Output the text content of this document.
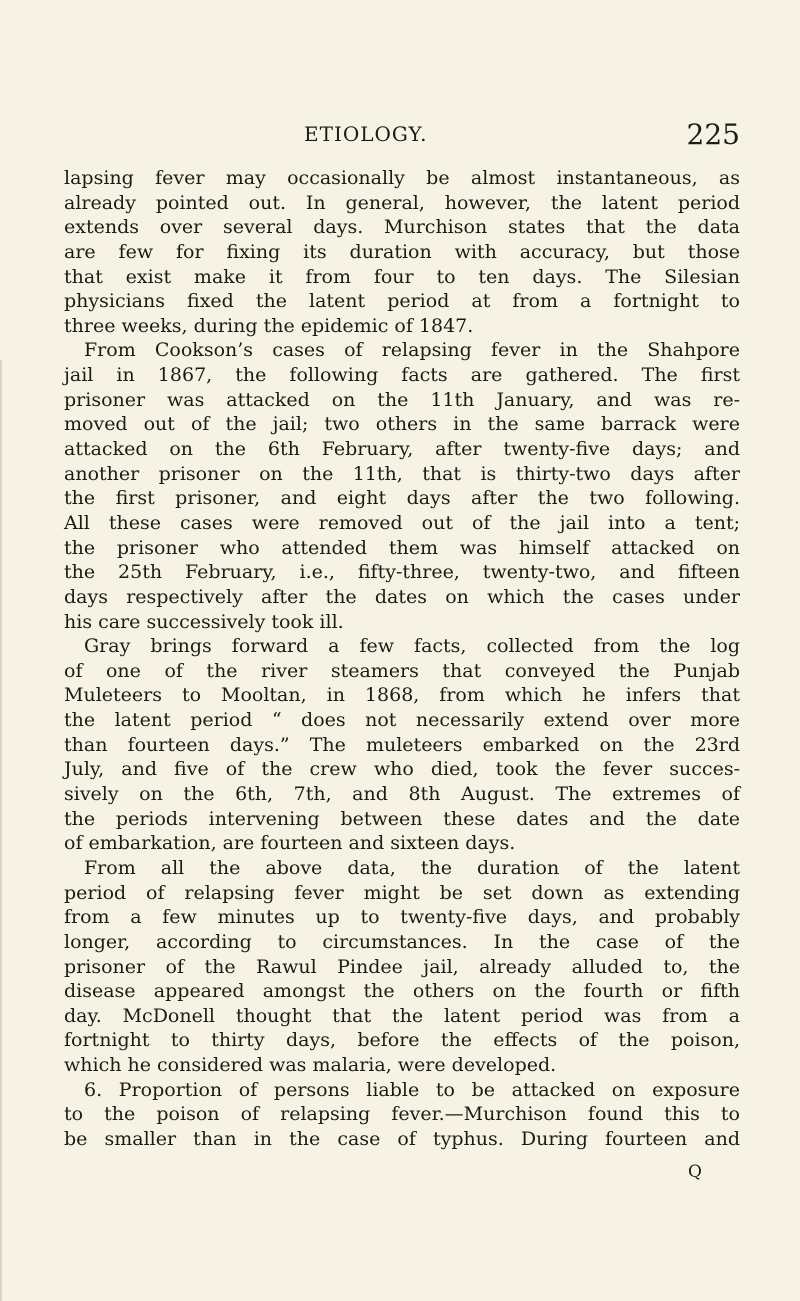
ETIOLOGY.	225
lapsing fever may occasionally be almost instantaneous, as
already pointed out. In general, however, the latent period
extends over several days. Murchison states that the data
are few for fixing its duration with accuracy, but those
that exist make it from four to ten days. The Silesian
physicians fixed the latent period at from a fortnight to
three weeks, during the epidemic of 1847.
From Cookson’s cases of relapsing fever in the Shahpore
jail in 1867, the following facts are gathered. The first
prisoner was attacked on the 11th January, and was re-
moved out of the jail; two others in the same barrack were
attacked on the 6th February, after twenty-five days; and
another prisoner on the 11th, that is thirty-two days after
the first prisoner, and eight days after the two following.
All these cases were removed out of the jail into a tent;
the prisoner who attended them was himself attacked on
the 25th February, i.e., fifty-three, twenty-two, and fifteen
days respectively after the dates on which the cases under
his care successively took ill.
Gray brings forward a few facts, collected from the log
of one of the river steamers that conveyed the Punjab
Muleteers to Mooltan, in 1868, from which he infers that
the latent period “ does not necessarily extend over more
than fourteen days.” The muleteers embarked on the 23rd
July, and five of the crew who died, took the fever succes-
sively on the 6th, 7th, and 8th August. The extremes of
the periods intervening between these dates and the date
of embarkation, are fourteen and sixteen days.
From all the above data, the duration of the latent
period of relapsing fever might be set down as extending
from a few minutes up to twenty-five days, and probably
longer, according to circumstances. In the case of the
prisoner of the Rawul Pindee jail, already alluded to, the
disease appeared amongst the others on the fourth or fifth
day. McDonell thought that the latent period was from a
fortnight to thirty days, before the effects of the poison,
which he considered was malaria, were developed.
6. Proportion of persons liable to be attacked on exposure
to the poison of relapsing fever.—Murchison found this to
be smaller than in the case of typhus. During fourteen and
Q
